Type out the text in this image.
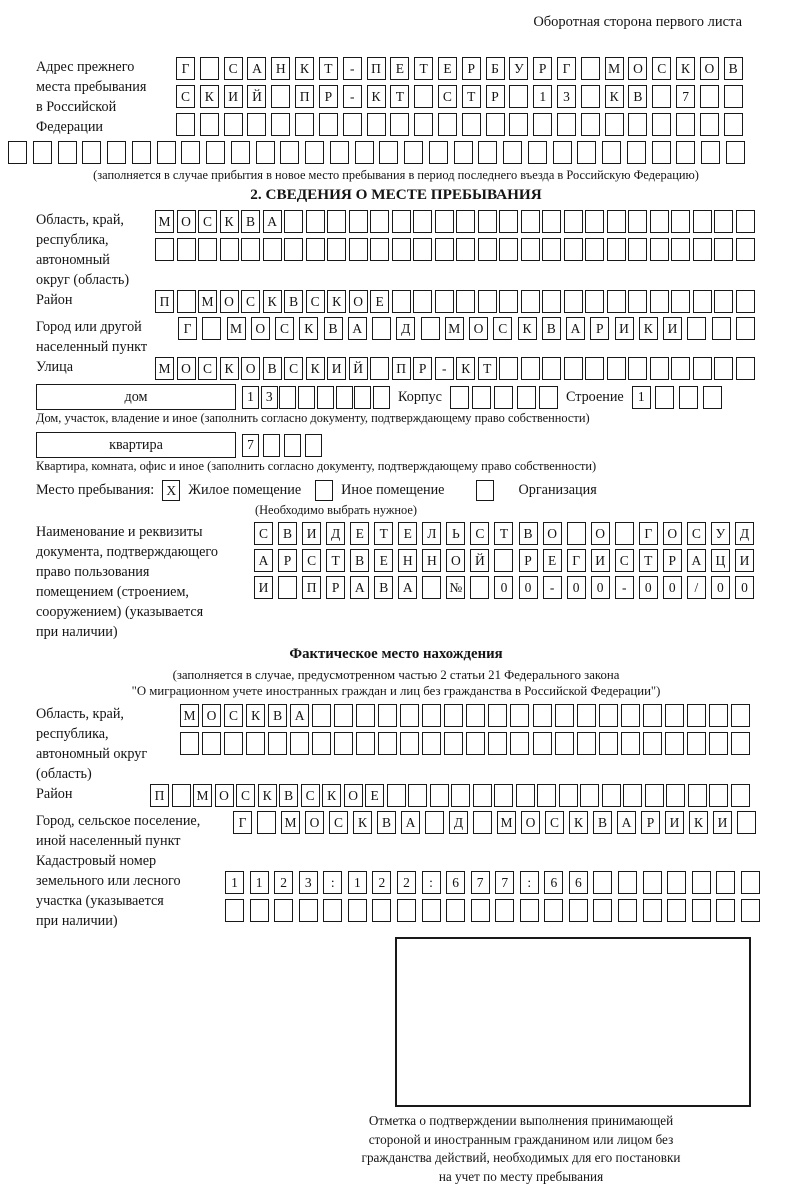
Оборотная сторона первого листа
Адрес прежнего
места пребывания
в Российской
Федерации
Г	С	А	Н	К	Т	-	П	Е	Т	Е	Р	Б	У	Р	Г	М О	С	К	О	В
С	К	И	Й	П	Р	-	К	Т	С	Т	Р	1	3	К	В	7
(заполняется в случае прибытия в новое место пребывания в период последнего въезда в Российскую Федерацию)
2. СВЕДЕНИЯ О МЕСТЕ ПРЕБЫВАНИЯ
Область, край,
республика,
автономный
округ (область)
М О С К В А
Район	П	М О С К В С К О Е
Город или другой
населенный пункт
Г	М О	С	К	В	А	Д	М О	С	К	В	А	Р	И	К	И
Улица	М О С К О В С К И Й	П Р	-	К Т
дом	1 3	Корпус	Строение	1
Дом, участок, владение и иное (заполнить согласно документу, подтверждающему право собственности)
квартира	7
Квартира, комната, офис и иное (заполнить согласно документу, подтверждающему право собственности)
Место пребывания: X Жилое помещение	Иное помещение	Организация
(Необходимо выбрать нужное)
Наименование и реквизиты
документа, подтверждающего
право пользования
помещением (строением,
сооружением) (указывается
при наличии)
С	В	И	Д	Е	Т	Е	Л	Ь	С	Т	В	О	О	Г	О	С	У	Д
А	Р	С	Т	В	Е	Н	Н	О	Й	Р	Е	Г	И	С	Т	Р	А	Ц	И
И	П	Р	А	В	А	№	0	0	-	0	0	-	0	0	/	0	0
Фактическое место нахождения
(заполняется в случае, предусмотренном частью 2 статьи 21 Федерального закона
"О миграционном учете иностранных граждан и лиц без гражданства в Российской Федерации")
Область, край,
республика,
автономный округ
(область)
М О С К В А
Район	П	М О С К В С К О Е
Город, сельское поселение,
иной населенный пункт
Г	М О	С	К	В	А	Д	М О	С	К	В	А	Р	И	К	И
Кадастровый номер
земельного или лесного
участка (указывается
при наличии)
1	1	2	3	:	1	2	2	:	6	7	7	:	6	6
Отметка о подтверждении выполнения принимающей
стороной и иностранным гражданином или лицом без
гражданства действий, необходимых для его постановки
на учет по месту пребывания
